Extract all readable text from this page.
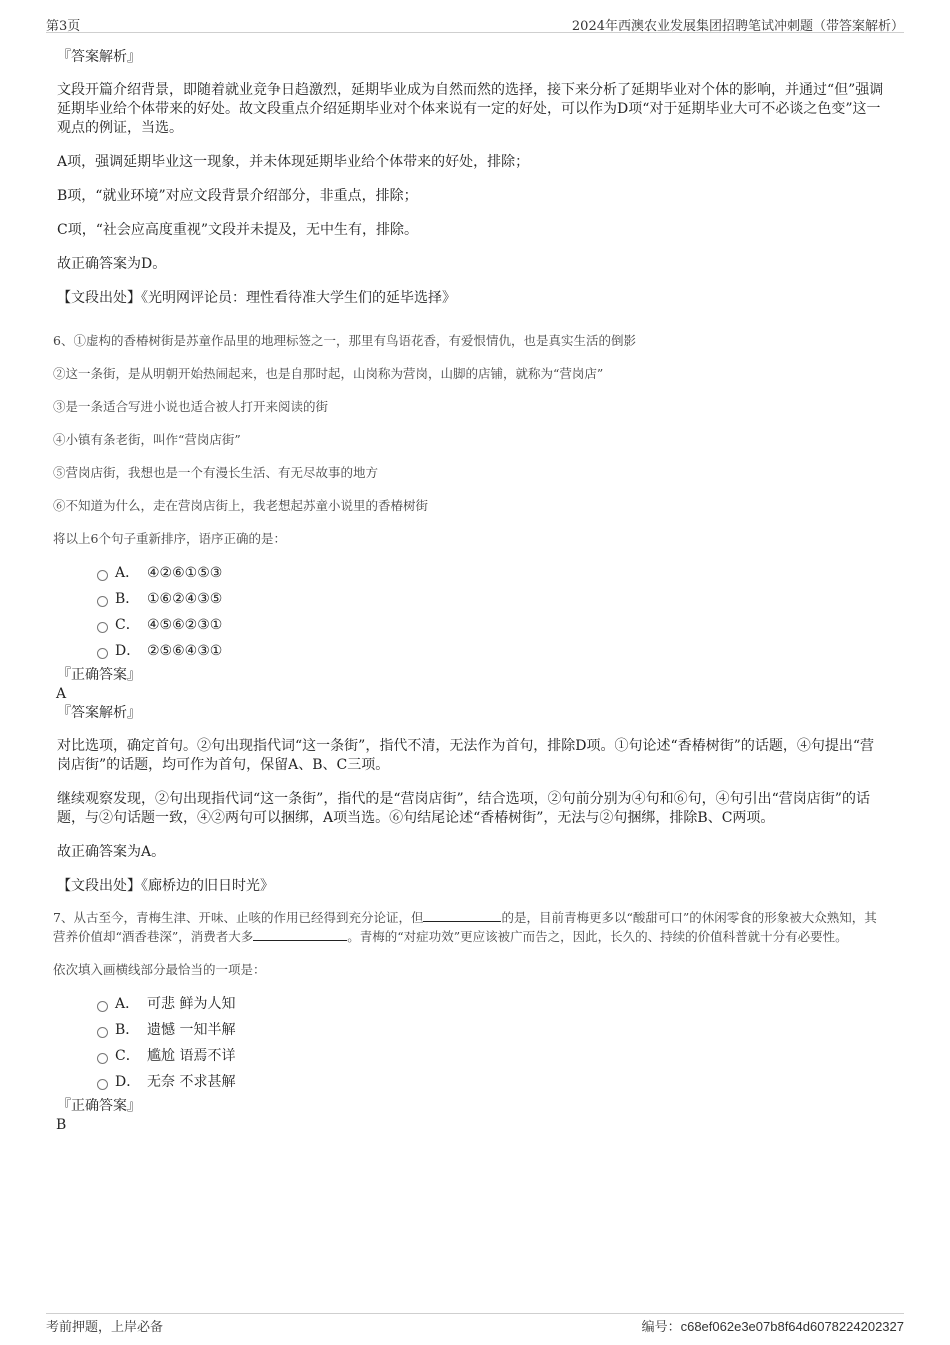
第3页	2024年西澳农业发展集团招聘笔试冲刺题（带答案解析）

『答案解析』

文段开篇介绍背景，即随着就业竞争日趋激烈，延期毕业成为自然而然的选择，接下来分析了延期毕业对个体的影响，并通过“但”强调延期毕业给个体带来的好处。故文段重点介绍延期毕业对个体来说有一定的好处，可以作为D项“对于延期毕业大可不必谈之色变”这一观点的例证，当选。

A项，强调延期毕业这一现象，并未体现延期毕业给个体带来的好处，排除；

B项，“就业环境”对应文段背景介绍部分，非重点，排除；

C项，“社会应高度重视”文段并未提及，无中生有，排除。

故正确答案为D。

【文段出处】《光明网评论员：理性看待准大学生们的延毕选择》

6、①虚构的香椿树街是苏童作品里的地理标签之一，那里有鸟语花香，有爱恨情仇，也是真实生活的倒影

②这一条街，是从明朝开始热闹起来，也是自那时起，山岗称为营岗，山脚的店铺，就称为“营岗店”

③是一条适合写进小说也适合被人打开来阅读的街

④小镇有条老街，叫作“营岗店街”

⑤营岗店街，我想也是一个有漫长生活、有无尽故事的地方

⑥不知道为什么，走在营岗店街上，我老想起苏童小说里的香椿树街

将以上6个句子重新排序，语序正确的是：

A． ④②⑥①⑤③
B． ①⑥②④③⑤
C． ④⑤⑥②③①
D． ②⑤⑥④③①

『正确答案』

A

『答案解析』

对比选项，确定首句。②句出现指代词“这一条街”，指代不清，无法作为首句，排除D项。①句论述“香椿树街”的话题，④句提出“营岗店街”的话题，均可作为首句，保留A、B、C三项。

继续观察发现，②句出现指代词“这一条街”，指代的是“营岗店街”，结合选项，②句前分别为④句和⑥句，④句引出“营岗店街”的话题，与②句话题一致，④②两句可以捆绑，A项当选。⑥句结尾论述“香椿树街”，无法与②句捆绑，排除B、C两项。

故正确答案为A。

【文段出处】《廊桥边的旧日时光》

7、从古至今，青梅生津、开味、止咳的作用已经得到充分论证，但	的是，目前青梅更多以“酸甜可口”的休闲零食的形象被大众熟知，其营养价值却“酒香巷深”，消费者大多	。青梅的“对症功效”更应该被广而告之，因此，长久的、持续的价值科普就十分有必要性。

依次填入画横线部分最恰当的一项是：

A． 可悲 鲜为人知
B． 遗憾 一知半解
C． 尴尬 语焉不详
D． 无奈 不求甚解

『正确答案』

B

考前押题，上岸必备	编号：c68ef062e3e07b8f64d6078224202327
